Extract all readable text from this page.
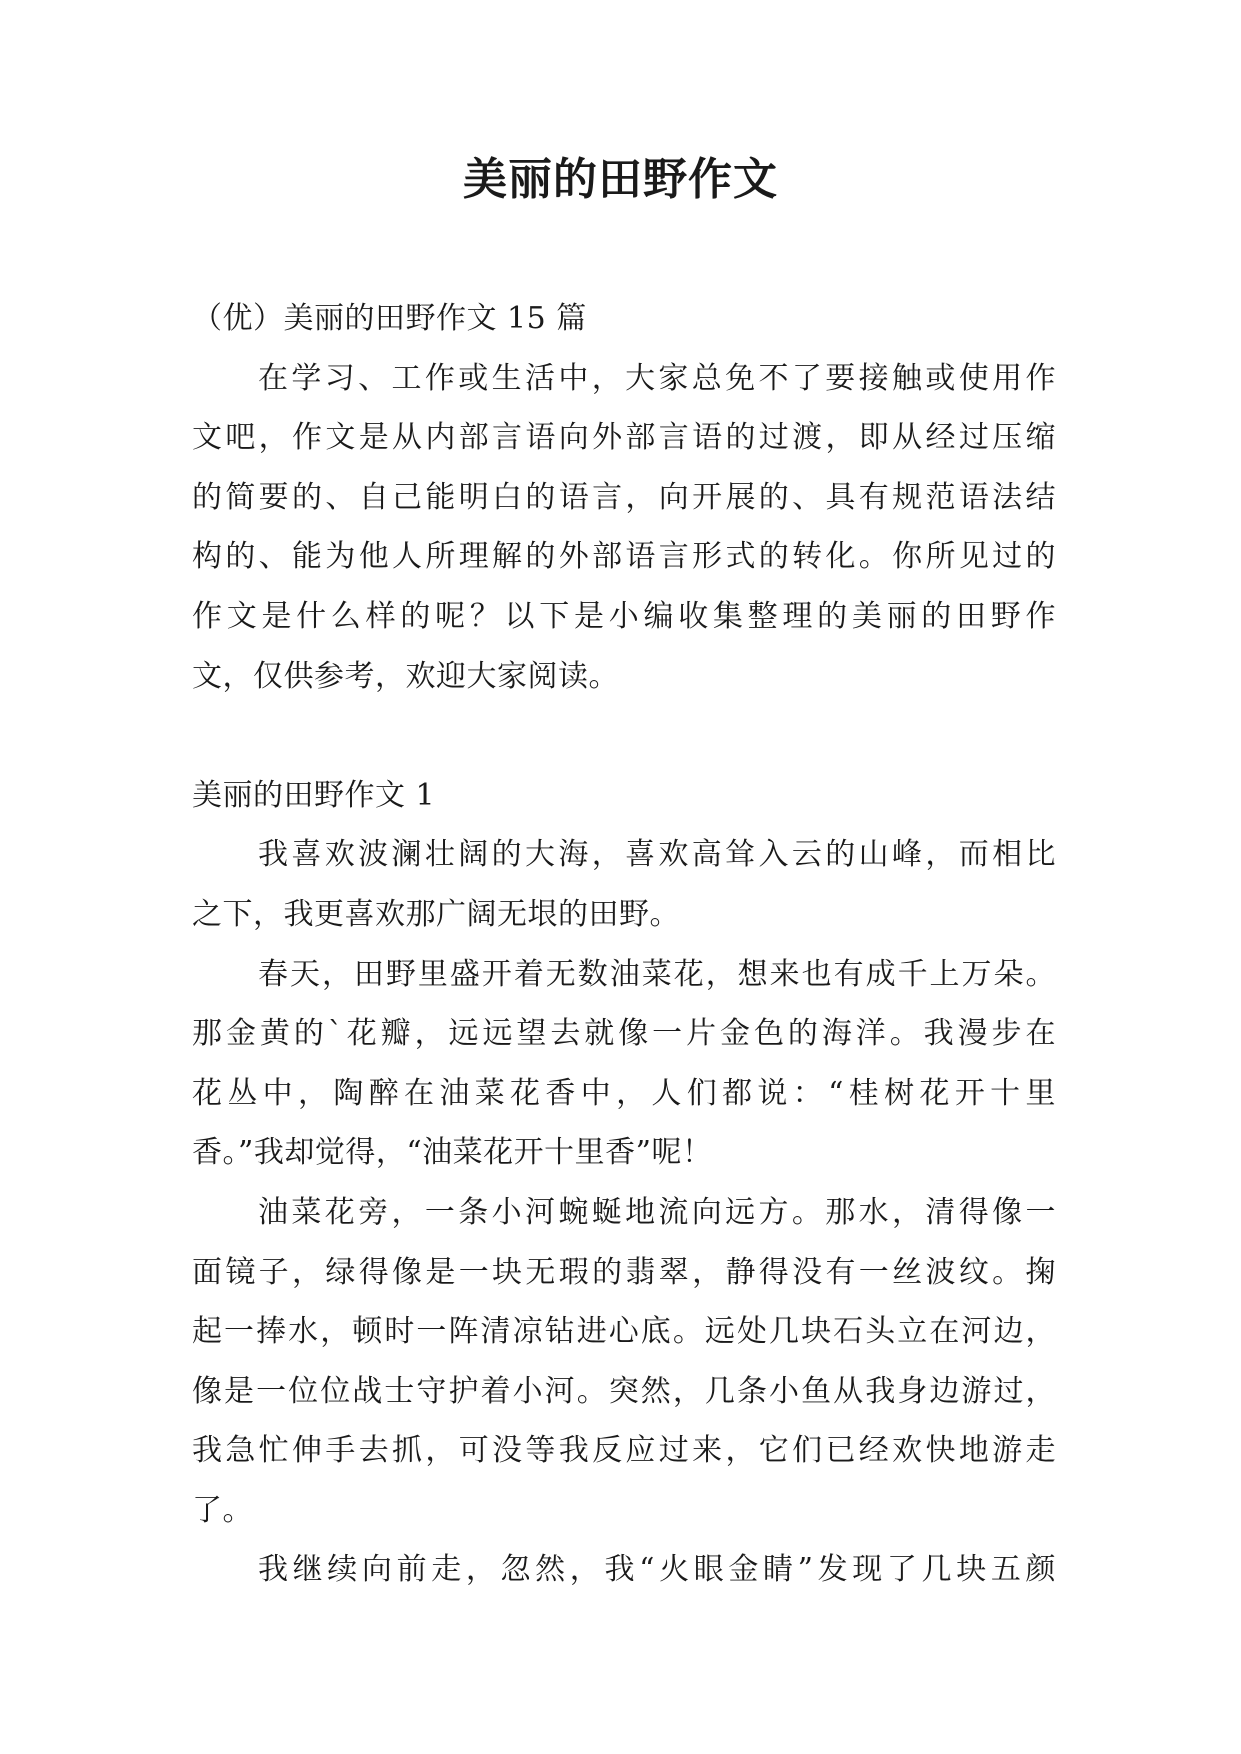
美丽的田野作文
（优）美丽的田野作文 15 篇
在学习、工作或生活中，大家总免不了要接触或使用作
文吧，作文是从内部言语向外部言语的过渡，即从经过压缩
的简要的、自己能明白的语言，向开展的、具有规范语法结
构的、能为他人所理解的外部语言形式的转化。你所见过的
作文是什么样的呢？以下是小编收集整理的美丽的田野作
文，仅供参考，欢迎大家阅读。
美丽的田野作文 1
我喜欢波澜壮阔的大海，喜欢高耸入云的山峰，而相比
之下，我更喜欢那广阔无垠的田野。
春天，田野里盛开着无数油菜花，想来也有成千上万朵。
那金黄的`花瓣，远远望去就像一片金色的海洋。我漫步在
花丛中，陶醉在油菜花香中，人们都说：“桂树花开十里
香。”我却觉得，“油菜花开十里香”呢！
油菜花旁，一条小河蜿蜒地流向远方。那水，清得像一
面镜子，绿得像是一块无瑕的翡翠，静得没有一丝波纹。掬
起一捧水，顿时一阵清凉钻进心底。远处几块石头立在河边，
像是一位位战士守护着小河。突然，几条小鱼从我身边游过，
我急忙伸手去抓，可没等我反应过来，它们已经欢快地游走
了。
我继续向前走，忽然，我“火眼金睛”发现了几块五颜
